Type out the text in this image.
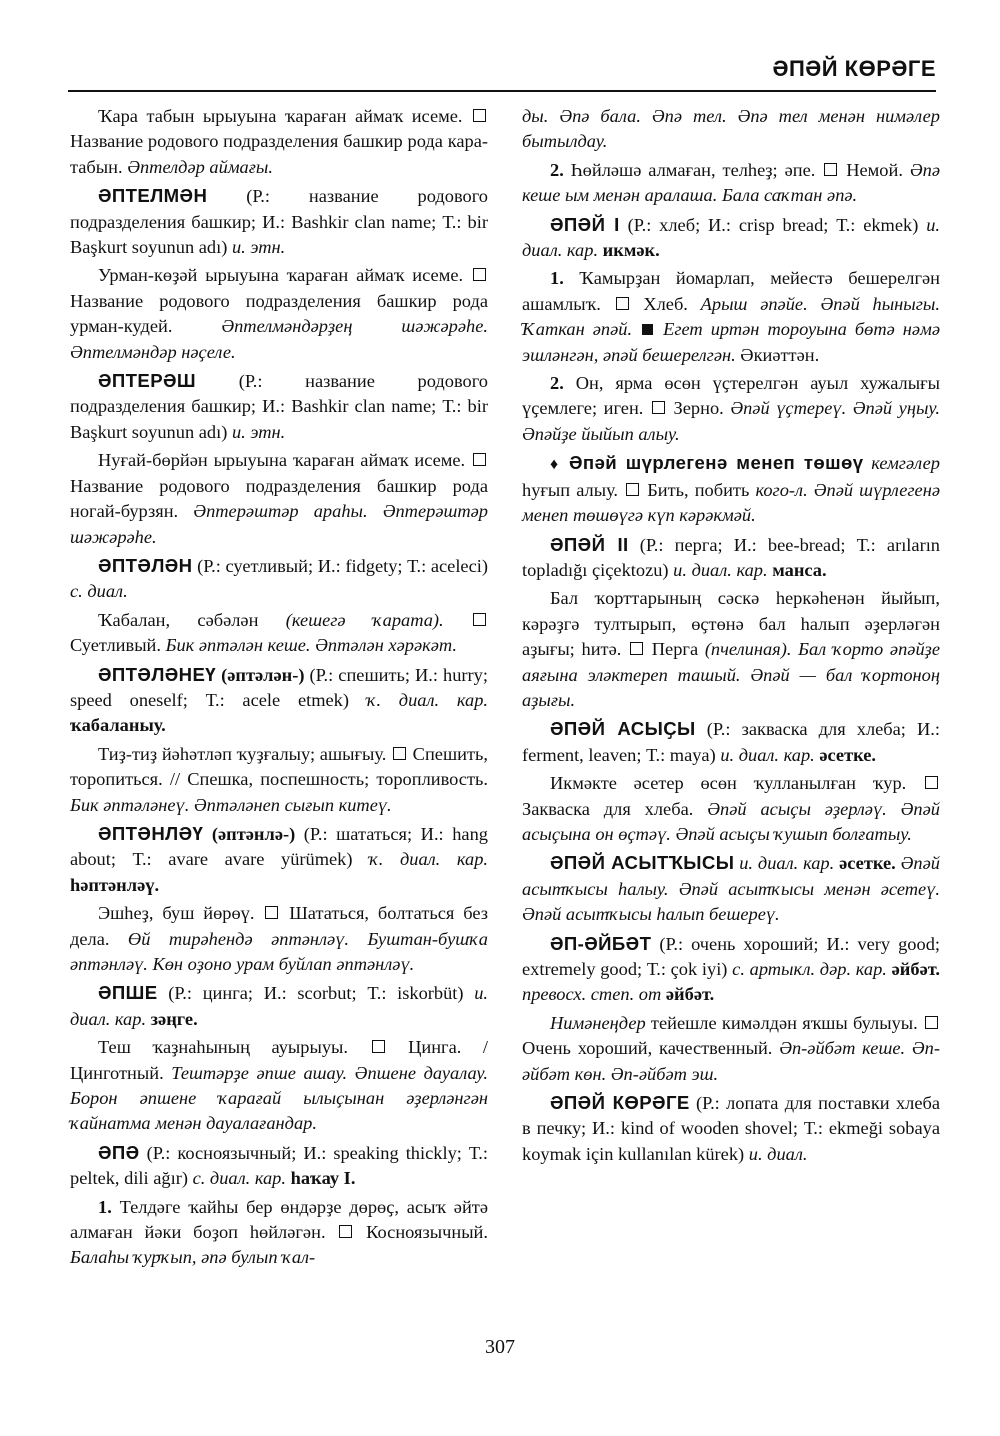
ӘПӘЙ КӨРӘГЕ

Ҡара табын ырыуына ҡараған аймаҡ исеме.  Название родового подразделения башкир рода кара-табын. Әптелдәр аймағы.

ӘПТЕЛМӘН (Р.: название родового подразделения башкир; И.: Bashkir clan name; Т.: bir Başkurt soyunun adı) и. этн.

Урман-көҙәй ырыуына ҡараған аймаҡ исеме.  Название родового подразделения башкир рода урман-кудей. Әптелмәндәрҙең шәжәрәһе. Әптелмәндәр нәҫеле.

ӘПТЕРӘШ (Р.: название родового подразделения башкир; И.: Bashkir clan name; Т.: bir Başkurt soyunun adı) и. этн.

Нуғай-бөрйән ырыуына ҡараған аймаҡ исеме.  Название родового подразделения башкир рода ногай-бурзян. Әптерәштәр араһы. Әптерәштәр шәжәрәһе.

ӘПТӘЛӘН (Р.: суетливый; И.: fidgety; Т.: aceleci) с. диал.

Ҡабалан, сәбәлән (кешегә ҡарата).  Суетливый. Бик әптәлән кеше. Әптәлән хәрәкәт.

ӘПТӘЛӘНЕҮ (әптәлән-) (Р.: спешить; И.: hurry; speed oneself; Т.: acele etmek) ҡ. диал. кар. ҡабаланыу.

Тиҙ-тиҙ йәһәтләп ҡуҙғалыу; ашығыу.  Спешить, торопиться. // Спешка, поспешность; торопливость. Бик әптәләнеү. Әптәләнеп сығып китеү.

ӘПТӘНЛӘҮ (әптәнлә-) (Р.: шататься; И.: hang about; Т.: avare avare yürümek) ҡ. диал. кар. һәптәнләү.

Эшһеҙ, буш йөрөү.  Шататься, болтаться без дела. Өй тирәһендә әптәнләү. Буштан-бушҡа әптәнләү. Көн оҙоно урам буйлап әптәнләү.

ӘПШЕ (Р.: цинга; И.: scorbut; Т.: iskorbüt) и. диал. кар. зәңге.

Теш ҡаҙнаһының ауырыуы.  Цинга. / Цинготный. Тештәрҙе әпше ашау. Әпшене дауалау. Борон әпшене ҡарағай ылыҫынан әҙерләнгән ҡайнатма менән дауалағандар.

ӘПӘ (Р.: косноязычный; И.: speaking thickly; Т.: peltek, dili ağır) с. диал. кар. һаҡау I.

1. Телдәге ҡайһы бер өндәрҙе дөрөҫ, асыҡ әйтә алмаған йәки боҙоп һөйләгән.  Косноязычный. Балаһы ҡурҡып, әпә булып ҡал-

ды. Әпә бала. Әпә тел. Әпә тел менән нимәлер бытылдау.

2. Һөйләшә алмаған, телһеҙ; әпе.  Немой. Әпә кеше ым менән аралаша. Бала саҡтан әпә.

ӘПӘЙ I (Р.: хлеб; И.: crisp bread; Т.: ekmek) и. диал. кар. икмәк.

1. Ҡамырҙан йомарлап, мейестә бешерелгән ашамлыҡ.  Хлеб. Арыш әпәйе. Әпәй һыныгы. Ҡаткан әпәй. Егет иртән тороуына бөтә нәмә эшләнгән, әпәй бешерелгән. Әкиәттән.

2. Он, ярма өсөн үҫтерелгән ауыл хужалығы үҫемлеге; иген.  Зерно. Әпәй үҫтереү. Әпәй уңыу. Әпәйҙе йыйып алыу.

♦ Әпәй шүрлегенә менеп төшөү кемгәлер һуғып алыу.  Бить, побить кого-л. Әпәй шүрлегенә менеп төшөүгә күп кәрәкмәй.

ӘПӘЙ II (Р.: перга; И.: bee-bread; Т.: arıların topladığı çiçektozu) и. диал. кар. манса.

Бал ҡорттарының сәскә һеркәһенән йыйып, кәрәҙгә тултырып, өҫтөнә бал һалып әҙерләгән аҙығы; һитә.  Перга (пчелиная). Бал ҡорто әпәйҙе аяғына эләктереп ташый. Әпәй — бал ҡортоноң аҙығы.

ӘПӘЙ АСЫҪЫ (Р.: закваска для хлеба; И.: ferment, leaven; Т.: maya) и. диал. кар. әсетке.

Икмәкте әсетер өсөн ҡулланылған ҡур.  Закваска для хлеба. Әпәй асыҫы әҙерләү. Әпәй асыҫына он өҫтәү. Әпәй асыҫы ҡушып болғатыу.

ӘПӘЙ АСЫТҠЫСЫ и. диал. кар. әсетке. Әпәй асытҡысы һалыу. Әпәй асытҡысы менән әсетеү. Әпәй асытҡысы һалып бешереү.

ӘП-ӘЙБӘТ (Р.: очень хороший; И.: very good; extremely good; Т.: çok iyi) с. артыкл. дәр. кар. әйбәт. превосх. степ. от әйбәт.

Нимәнеңдер тейешле кимәлдән яҡшы булыуы.  Очень хороший, качественный. Әп-әйбәт кеше. Әп-әйбәт көн. Әп-әйбәт эш.

ӘПӘЙ КӨРӘГЕ (Р.: лопата для поставки хлеба в печку; И.: kind of wooden shovel; Т.: ekmeği sobaya koymak için kullanılan kürek) и. диал.

307
